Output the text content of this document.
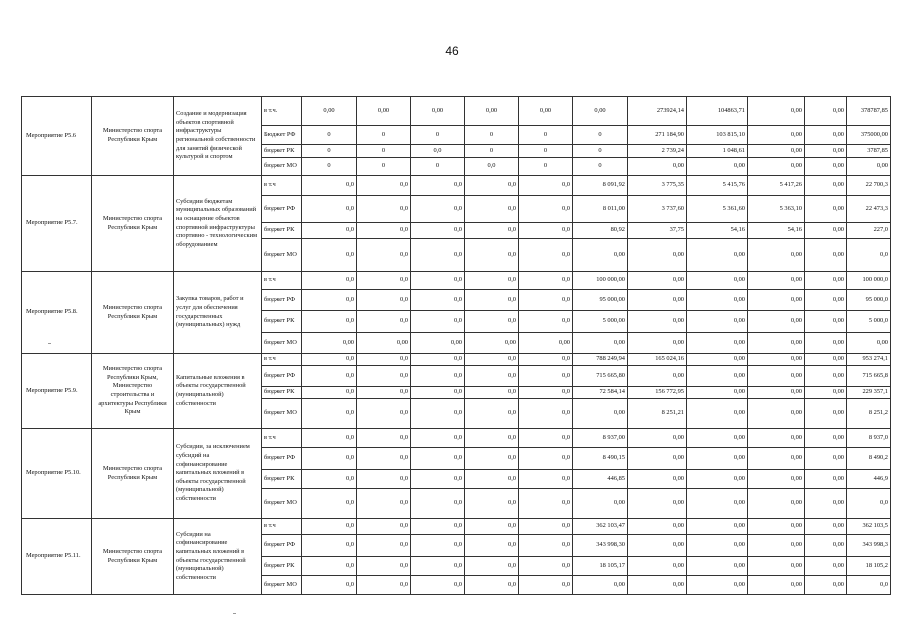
46
Мероприятие P5.6	Министерство спорта Республики Крым	Создание и модернизация объектов спортивной инфраструктуры региональной собственности для занятий физической культурой и спортом	в т.ч.	0,00	0,00	0,00	0,00	0,00	0,00	273924,14	104863,71	0,00	0,00	378787,85
			Бюджет РФ	0	0	0	0	0	0	271 184,90	103 815,10	0,00	0,00	375000,00
			бюджет РК	0	0	0,0	0	0	0	2 739,24	1 048,61	0,00	0,00	3787,85
			бюджет МО	0	0	0	0,0	0	0	0,00	0,00	0,00	0,00	0,00
Мероприятие P5.7.	Министерство спорта Республики Крым	Субсидии бюджетам муниципальных образований на оснащение объектов спортивной инфраструктуры спортивно - технологическим оборудованием	в т.ч	0,0	0,0	0,0	0,0	0,0	8 091,92	3 775,35	5 415,76	5 417,26	0,00	22 700,3
			бюджет РФ	0,0	0,0	0,0	0,0	0,0	8 011,00	3 737,60	5 361,60	5 363,10	0,00	22 473,3
			бюджет РК	0,0	0,0	0,0	0,0	0,0	80,92	37,75	54,16	54,16	0,00	227,0
			бюджет МО	0,0	0,0	0,0	0,0	0,0	0,00	0,00	0,00	0,00	0,00	0,0
Мероприятие P5.8.	Министерство спорта Республики Крым	Закупка товаров, работ и услуг для обеспечения государственных (муниципальных) нужд	в т.ч	0,0	0,0	0,0	0,0	0,0	100 000,00	0,00	0,00	0,00	0,00	100 000,0
			бюджет РФ	0,0	0,0	0,0	0,0	0,0	95 000,00	0,00	0,00	0,00	0,00	95 000,0
			бюджет РК	0,0	0,0	0,0	0,0	0,0	5 000,00	0,00	0,00	0,00	0,00	5 000,0
			бюджет МО	0,00	0,00	0,00	0,00	0,00	0,00	0,00	0,00	0,00	0,00	0,00
Мероприятие P5.9.	Министерство спорта Республики Крым, Министерство строительства и архитектуры Республики Крым	Капитальные вложения в объекты государственной (муниципальной) собственности	в т.ч	0,0	0,0	0,0	0,0	0,0	788 249,94	165 024,16	0,00	0,00	0,00	953 274,1
			бюджет РФ	0,0	0,0	0,0	0,0	0,0	715 665,80	0,00	0,00	0,00	0,00	715 665,8
			бюджет РК	0,0	0,0	0,0	0,0	0,0	72 584,14	156 772,95	0,00	0,00	0,00	229 357,1
			бюджет МО	0,0	0,0	0,0	0,0	0,0	0,00	8 251,21	0,00	0,00	0,00	8 251,2
Мероприятие P5.10.	Министерство спорта Республики Крым	Субсидии, за исключением субсидий на софинансирование капитальных вложений в объекты государственной (муниципальной) собственности	в т.ч	0,0	0,0	0,0	0,0	0,0	8 937,00	0,00	0,00	0,00	0,00	8 937,0
			бюджет РФ	0,0	0,0	0,0	0,0	0,0	8 490,15	0,00	0,00	0,00	0,00	8 490,2
			бюджет РК	0,0	0,0	0,0	0,0	0,0	446,85	0,00	0,00	0,00	0,00	446,9
			бюджет МО	0,0	0,0	0,0	0,0	0,0	0,00	0,00	0,00	0,00	0,00	0,0
Мероприятие P5.11.	Министерство спорта Республики Крым	Субсидии на софинансирование капитальных вложений в объекты государственной (муниципальной) собственности	в т.ч	0,0	0,0	0,0	0,0	0,0	362 103,47	0,00	0,00	0,00	0,00	362 103,5
			бюджет РФ	0,0	0,0	0,0	0,0	0,0	343 998,30	0,00	0,00	0,00	0,00	343 998,3
			бюджет РК	0,0	0,0	0,0	0,0	0,0	18 105,17	0,00	0,00	0,00	0,00	18 105,2
			бюджет МО	0,0	0,0	0,0	0,0	0,0	0,00	0,00	0,00	0,00	0,00	0,0
